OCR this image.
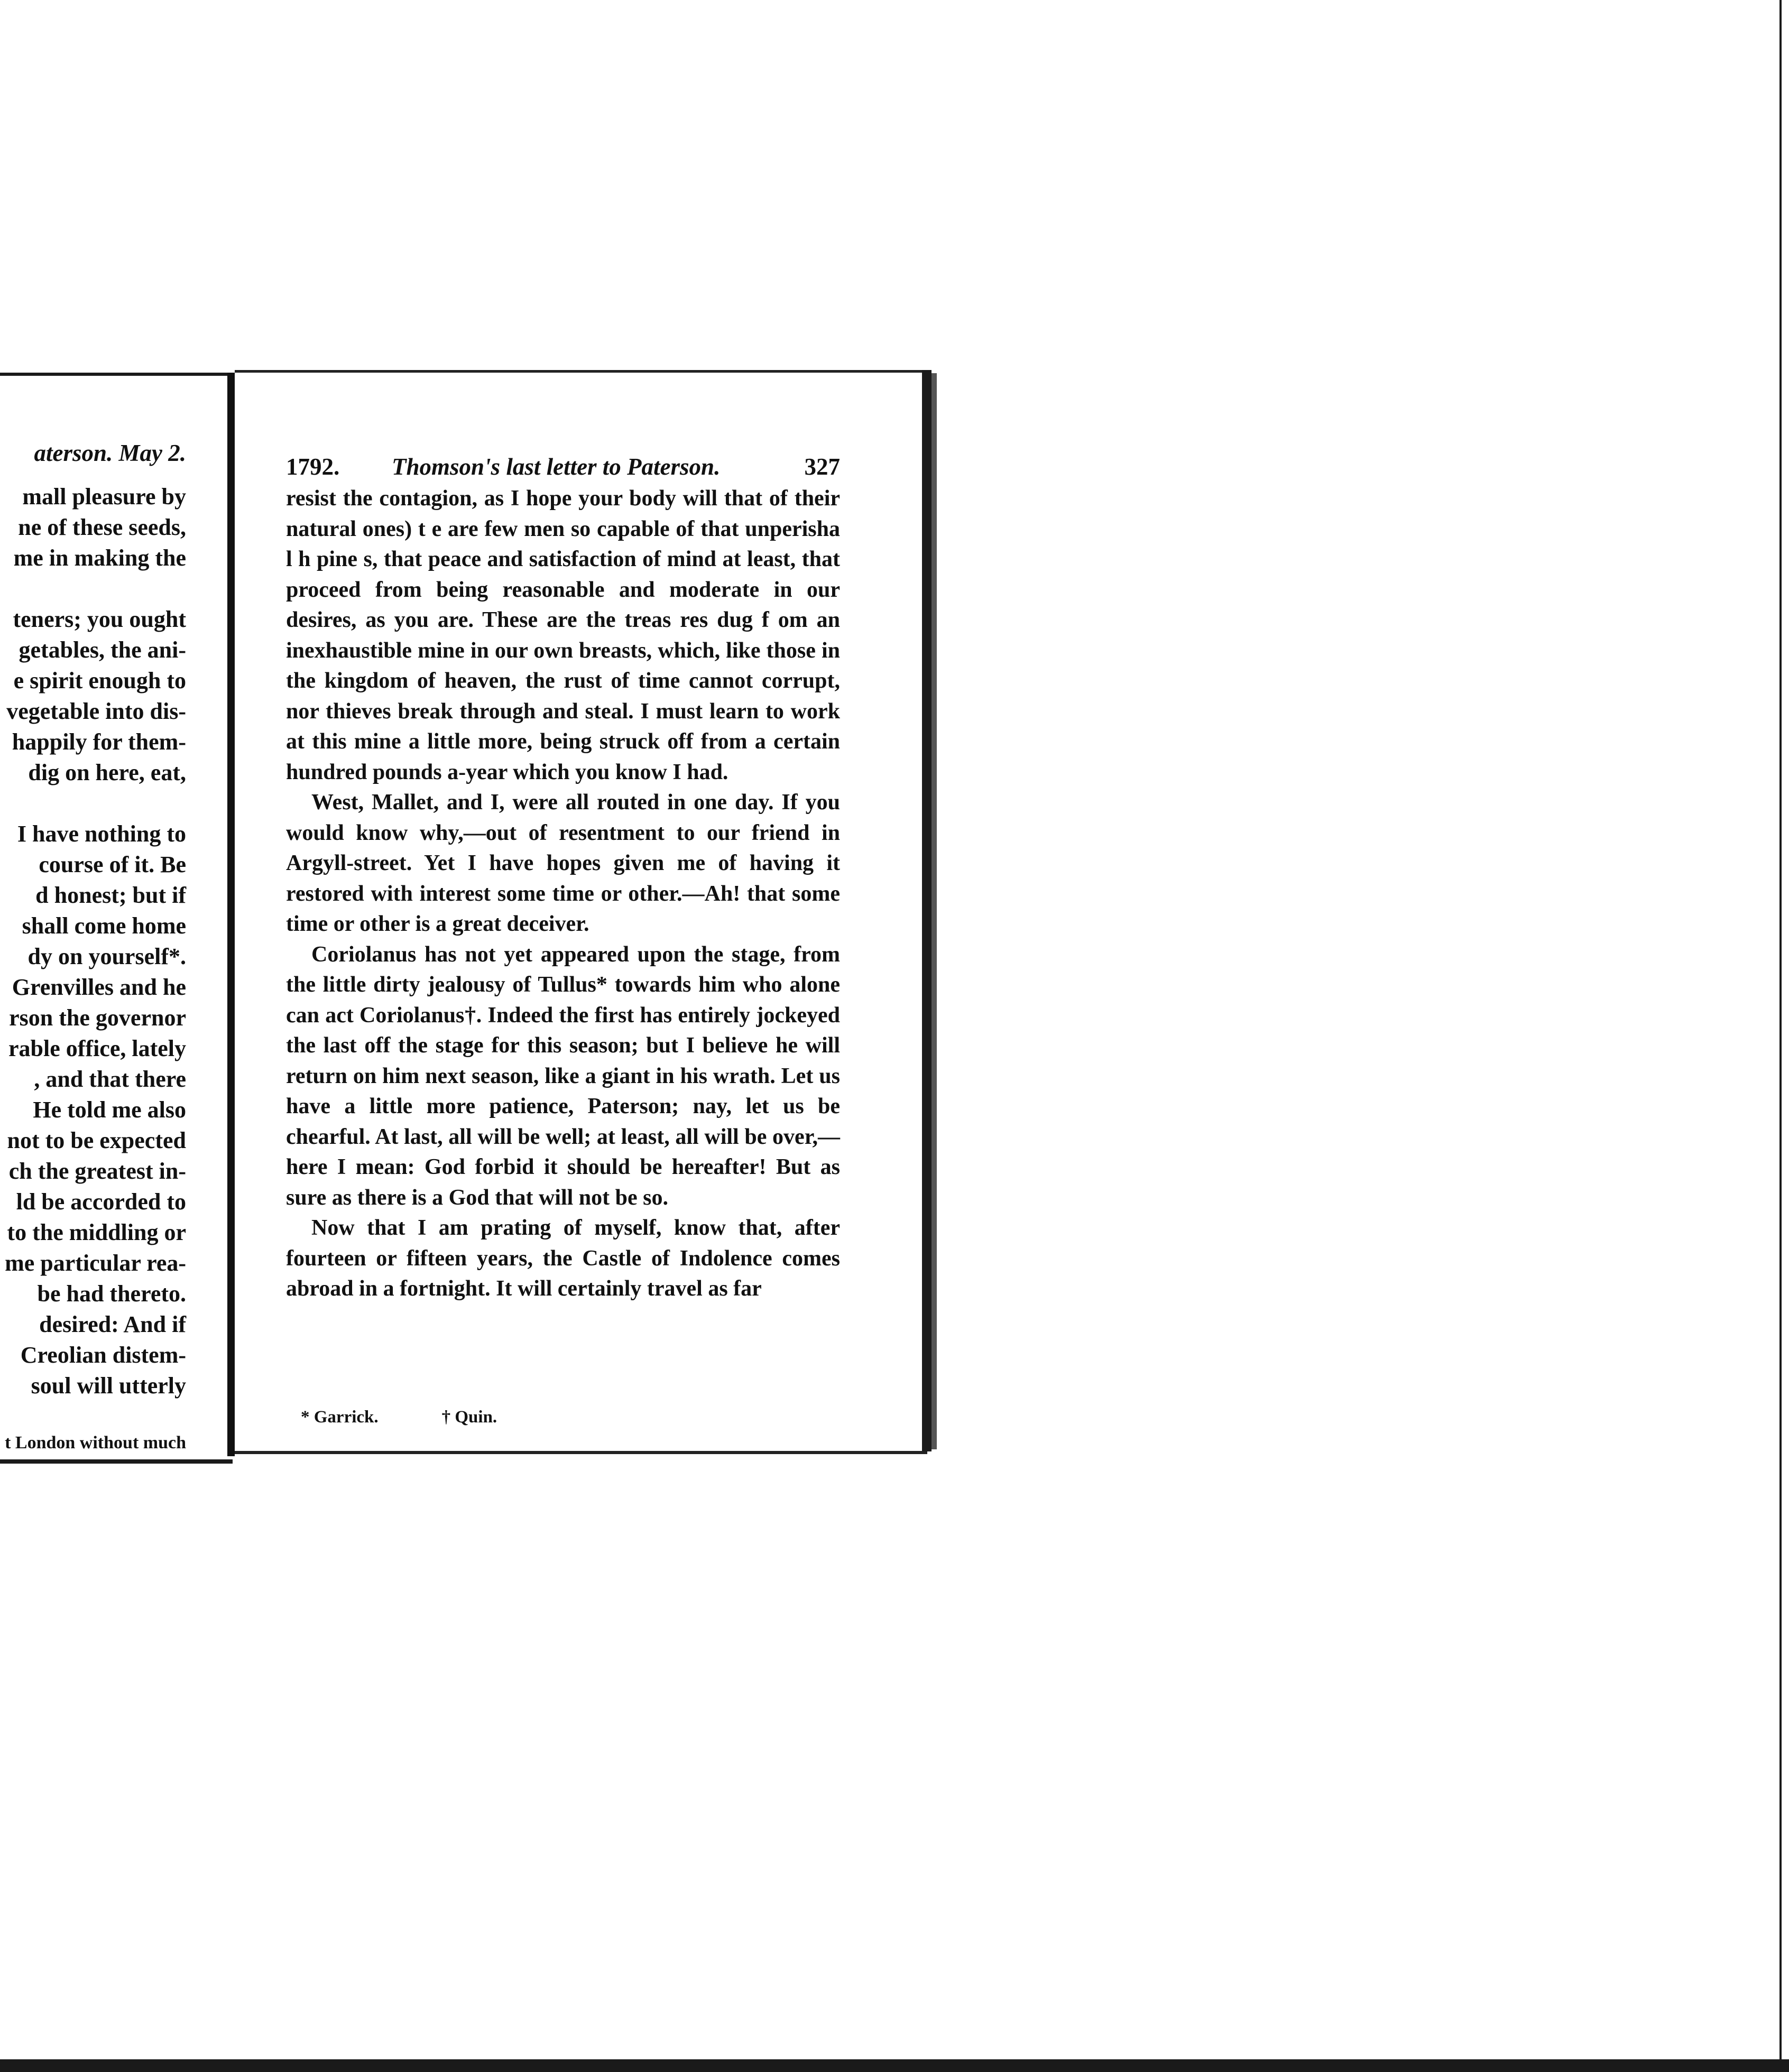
aterson. May 2.
mall pleasure by
ne of these seeds,
me in making the
teners; you ought
getables, the ani-
e spirit enough to
vegetable into dis-
happily for them-
dig on here, eat,
I have nothing to
course of it. Be
d honest; but if
shall come home
dy on yourself*.
Grenvilles and he
rson the governor
rable office, lately
, and that there
He told me also
not to be expected
ch the greatest in-
ld be accorded to
to the middling or
me particular rea-
be had thereto.
desired: And if
Creolian distem-
soul will utterly
t London without much
1792. Thomson's last letter to Paterson.	327

resist the contagion, as I hope your body will that of their natural ones) t e are few men so capable of that unperisha l h pine s, that peace and satisfaction of mind at least, that proceed from being reasonable and moderate in our desires, as you are. These are the treas res dug f om an inexhaustible mine in our own breasts, which, like those in the kingdom of heaven, the rust of time cannot corrupt, nor thieves break through and steal. I must learn to work at this mine a little more, being struck off from a certain hundred pounds a-year which you know I had.

West, Mallet, and I, were all routed in one day. If you would know why,—out of resentment to our friend in Argyll-street. Yet I have hopes given me of having it restored with interest some time or other.—Ah! that some time or other is a great deceiver.

Coriolanus has not yet appeared upon the stage, from the little dirty jealousy of Tullus* towards him who alone can act Coriolanus†. Indeed the first has entirely jockeyed the last off the stage for this season; but I believe he will return on him next season, like a giant in his wrath. Let us have a little more patience, Paterson; nay, let us be chearful. At last, all will be well; at least, all will be over,—here I mean: God forbid it should be hereafter! But as sure as there is a God that will not be so.

Now that I am prating of myself, know that, after fourteen or fifteen years, the Castle of Indolence comes abroad in a fortnight. It will certainly travel as far

* Garrick.	† Quin.
